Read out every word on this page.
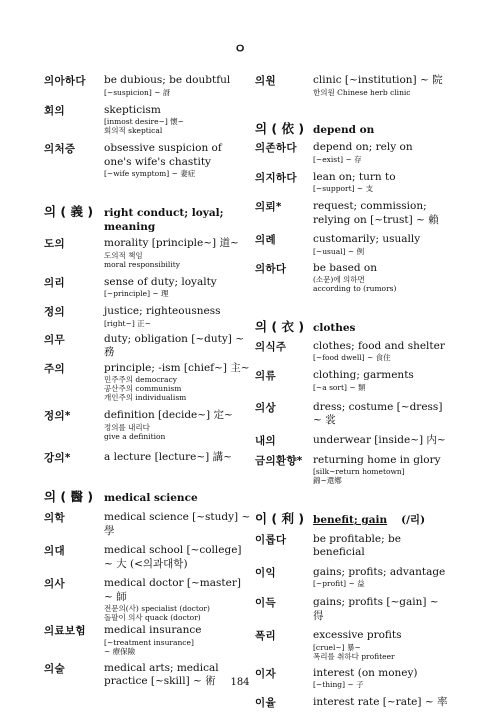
ㅇ
의아하다	be dubious; be doubtful
[~suspicion] ~ 訝
회의	skepticism
[inmost desire~] 懷~
회의적 skeptical
의처증	obsessive suspicion of
one's wife's chastity
[~wife symptom] ~ 妻症
의 ( 義 )	right conduct; loyal;
meaning
도의	morality [principle~] 道~
도의적 책임
moral responsibility
의리	sense of duty; loyalty
[~principle] ~ 理
정의	justice; righteousness
[right~] 正~
의무	duty; obligation [~duty] ~ 務
주의	principle; -ism [chief~] 主~
민주주의 democracy
공산주의 communism
개인주의 individualism
정의*	definition [decide~] 定~
정의를 내리다
give a definition
강의*	a lecture [lecture~] 講~
의 ( 醫 )	medical science
의학	medical science [~study] ~ 學
의대	medical school [~college]
~ 大 (<의과대학)
의사	medical doctor [~master] ~ 師
전문의(사) specialist (doctor)
돌팔이 의사 quack (doctor)
의료보험	medical insurance
[~treatment insurance]
~ 療保險
의술	medical arts; medical
practice [~skill] ~ 術
의원	clinic [~institution] ~ 院
한의원 Chinese herb clinic
의 ( 依 ) depend on
의존하다	depend on; rely on
[~exist] ~ 存
의지하다	lean on; turn to
[~support] ~ 支
의뢰*	request; commission;
relying on [~trust] ~ 賴
의례	customarily; usually
[~usual] ~ 例
의하다	be based on
(소문)에 의하면
according to (rumors)
의 ( 衣 ) clothes
의식주	clothes; food and shelter
[~food dwell] ~ 食住
의류	clothing; garments
[~a sort] ~ 類
의상	dress; costume [~dress] ~ 裳
내의	underwear [inside~] 内~
금의환향* returning home in glory
[silk~return hometown]
錦~還鄕
이 ( 利 ) benefit; gain (/리)
이롭다	be profitable; be beneficial
이익	gains; profits; advantage
[~profit] ~ 益
이득	gains; profits [~gain] ~ 得
폭리	excessive profits
[cruel~] 暴~
폭리를 취하다 profiteer
이자	interest (on money)
[~thing] ~ 子
이율	interest rate [~rate] ~ 率
184
